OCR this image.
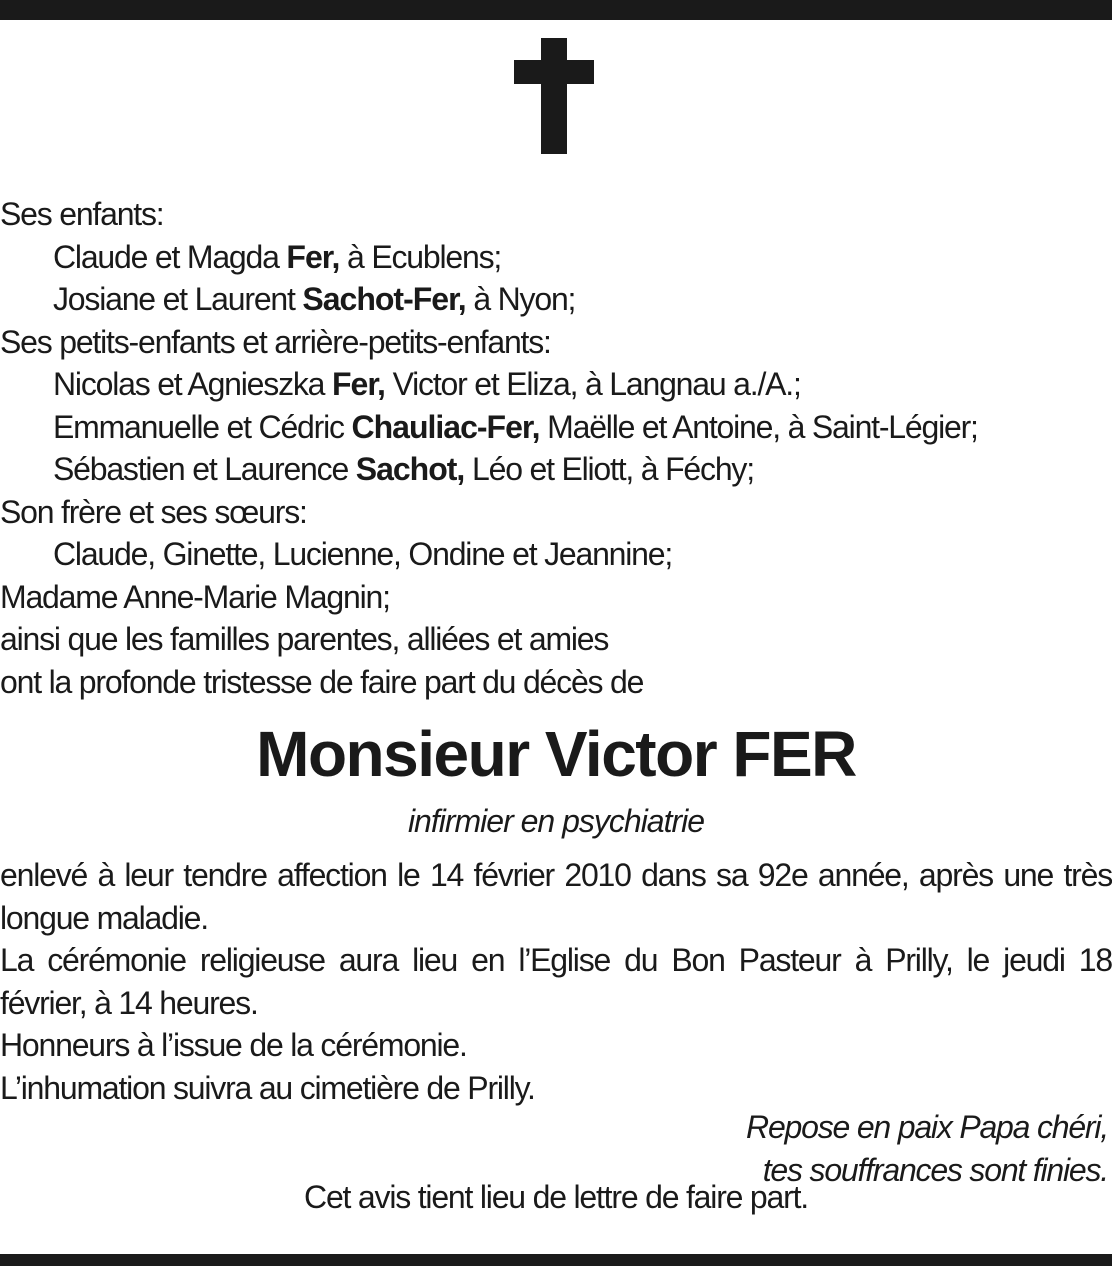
Ses enfants:
Claude et Magda Fer, à Ecublens;
Josiane et Laurent Sachot-Fer, à Nyon;
Ses petits-enfants et arrière-petits-enfants:
Nicolas et Agnieszka Fer, Victor et Eliza, à Langnau a./A.;
Emmanuelle et Cédric Chauliac-Fer, Maëlle et Antoine, à Saint-Légier;
Sébastien et Laurence Sachot, Léo et Eliott, à Féchy;
Son frère et ses sœurs:
Claude, Ginette, Lucienne, Ondine et Jeannine;
Madame Anne-Marie Magnin;
ainsi que les familles parentes, alliées et amies
ont la profonde tristesse de faire part du décès de
Monsieur Victor FER
infirmier en psychiatrie

enlevé à leur tendre affection le 14 février 2010 dans sa 92e année, après une très longue maladie.

La cérémonie religieuse aura lieu en l’Eglise du Bon Pasteur à Prilly, le jeudi 18 février, à 14 heures.

Honneurs à l’issue de la cérémonie.

L’inhumation suivra au cimetière de Prilly.

Repose en paix Papa chéri,
tes souffrances sont finies.
Cet avis tient lieu de lettre de faire part.
